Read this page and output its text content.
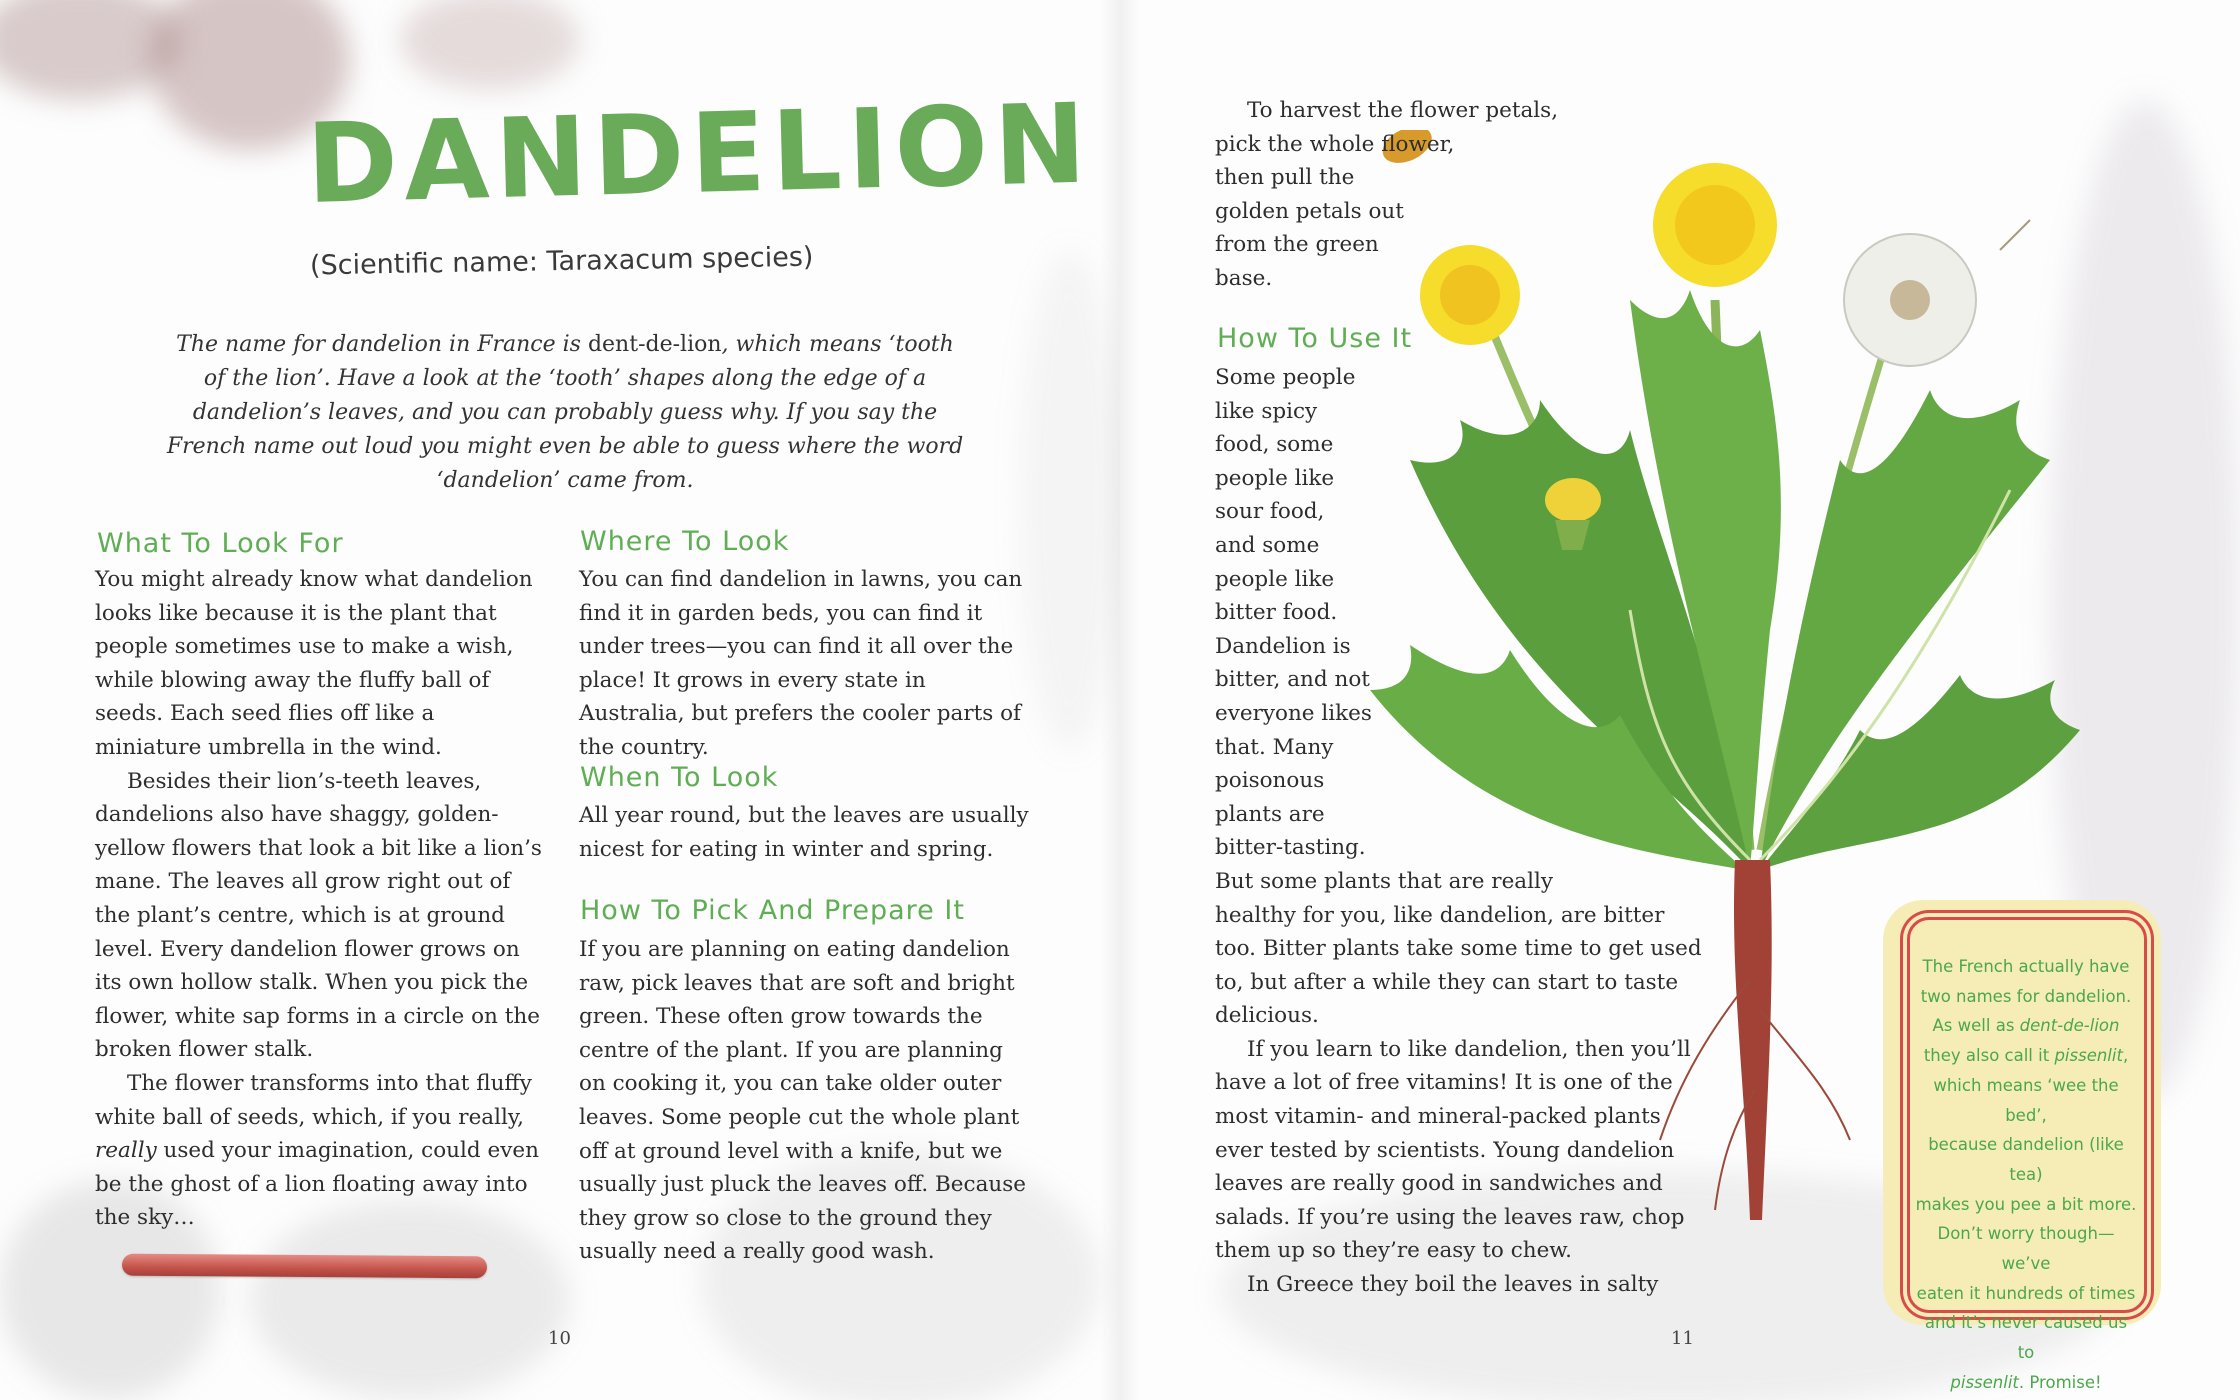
DANDELION
(Scientific name: Taraxacum species)
The name for dandelion in France is dent-de-lion, which means ‘tooth of the lion’. Have a look at the ‘tooth’ shapes along the edge of a dandelion’s leaves, and you can probably guess why. If you say the French name out loud you might even be able to guess where the word ‘dandelion’ came from.
What To Look For

You might already know what dandelion looks like because it is the plant that people sometimes use to make a wish, while blowing away the fluffy ball of seeds. Each seed flies off like a miniature umbrella in the wind.

Besides their lion’s-teeth leaves, dandelions also have shaggy, golden-yellow flowers that look a bit like a lion’s mane. The leaves all grow right out of the plant’s centre, which is at ground level. Every dandelion flower grows on its own hollow stalk. When you pick the flower, white sap forms in a circle on the broken flower stalk.

The flower transforms into that fluffy white ball of seeds, which, if you really, really used your imagination, could even be the ghost of a lion floating away into the sky…

Where To Look

You can find dandelion in lawns, you can find it in garden beds, you can find it under trees—you can find it all over the place! It grows in every state in Australia, but prefers the cooler parts of the country.

When To Look

All year round, but the leaves are usually nicest for eating in winter and spring.

How To Pick And Prepare It

If you are planning on eating dandelion raw, pick leaves that are soft and bright green. These often grow towards the centre of the plant. If you are planning on cooking it, you can take older outer leaves. Some people cut the whole plant off at ground level with a knife, but we usually just pluck the leaves off. Because they grow so close to the ground they usually need a really good wash.

10

To harvest the flower petals,

pick the whole flower,

then pull the

golden petals out

from the green

base.

How To Use It

Some people

like spicy

food, some

people like

sour food,

and some

people like

bitter food.

Dandelion is

bitter, and not

everyone likes

that. Many

poisonous

plants are

bitter-tasting.

But some plants that are really

healthy for you, like dandelion, are bitter

too. Bitter plants take some time to get used

to, but after a while they can start to taste

delicious.

If you learn to like dandelion, then you’ll

have a lot of free vitamins! It is one of the

most vitamin- and mineral-packed plants

ever tested by scientists. Young dandelion

leaves are really good in sandwiches and

salads. If you’re using the leaves raw, chop

them up so they’re easy to chew.

In Greece they boil the leaves in salty

The French actually have
two names for dandelion.
As well as dent-de-lion
they also call it pissenlit,
which means ‘wee the bed’,
because dandelion (like tea)
makes you pee a bit more.
Don’t worry though—we’ve
eaten it hundreds of times
and it’s never caused us to
pissenlit. Promise!
11
